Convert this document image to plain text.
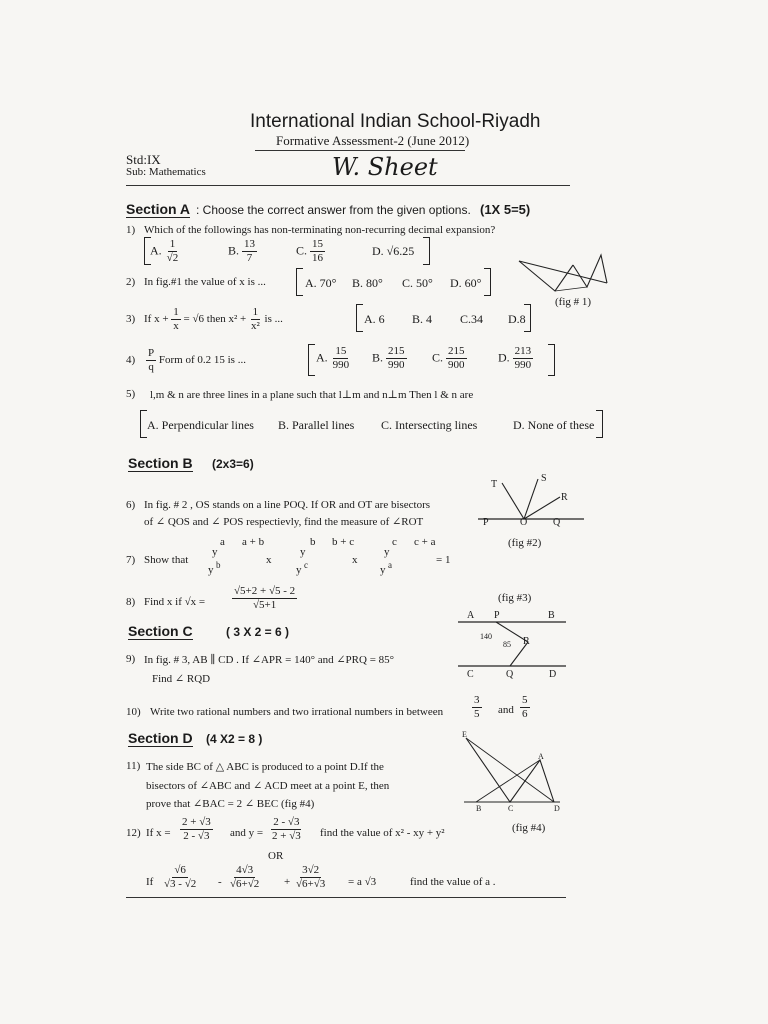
International Indian School-Riyadh
Formative Assessment-2 (June 2012)
Std:IX
Sub: Mathematics	W. Sheet
Section A : Choose the correct answer from the given options. (1X 5=5)
1) Which of the followings has non-terminating non-recurring decimal expansion?
A. $\frac{1}{√2}$	B. $\frac{13}{7}$	C. $\frac{15}{16}$	D. √6.25
2) In fig.#1 the value of x is ...	A. 70° B. 80° C. 50° D. 60°
(fig # 1)
3) If $x + \frac{1}{x} = √6$ then $x^2 + \frac{1}{\text{x²}}$ is ...	A. 6 B. 4 C.34 D.8
$4) \frac{P}{q}$ Form of 0.2 15 is ...	A. $\frac{15}{990} B$. $\frac{215}{990} C$. $\frac{215}{900}$	D. $\frac{213}{990}$
5) l,m & n are three lines in a plane such that l⊥m and n⊥m Then l & n are
A. Perpendicular lines B. Parallel lines C. Intersecting lines	D. None of these
Section B (2x3=6)
T
S
R
P	O	Q
(fig #2)
6) In fig. # 2 , OS stands on a line POQ. If OR and OT are bisectors
of ∠ QOS and ∠ POS respectievly, find the measure of ∠ROT
7) Show that
a a + b
y
y b	x
b b + c
y
y c	x
c c + a
y
y a	= 1
8) Find x if $√x = \frac{√5+2 + √5 - 2}{√5+1}$
Section C	( 3 X 2 = 6 )
(fig #3)
A P	B
140
85 R
C	Q	D
9) In fig. # 3, AB ∥ CD . If ∠APR = 140° and ∠PRQ = 85°
Find ∠ RQD
10) Write two rational numbers and two irrational numbers in between	$\frac{3}{5}$ and $\frac{5}{6}$
Section D (4 X2 = 8 )	E
A
B	C	D
(fig #4)
11) The side BC of △ ABC is produced to a point D.If the
bisectors of ∠ABC and ∠ ACD meet at a point E, then
prove that ∠BAC = 2 ∠ BEC (fig #4)
12) If $x = \frac{2 + √3}{2 - √3}$ and $y = \frac{2 - √3}{2 + √3}$ find the value of x² - xy + y²
OR
If $\frac{√6}{√3 - √2} - \frac{4√3}{√6+√2} + \frac{3√2}{√6+√3} = a$ √3	find the value of a .
